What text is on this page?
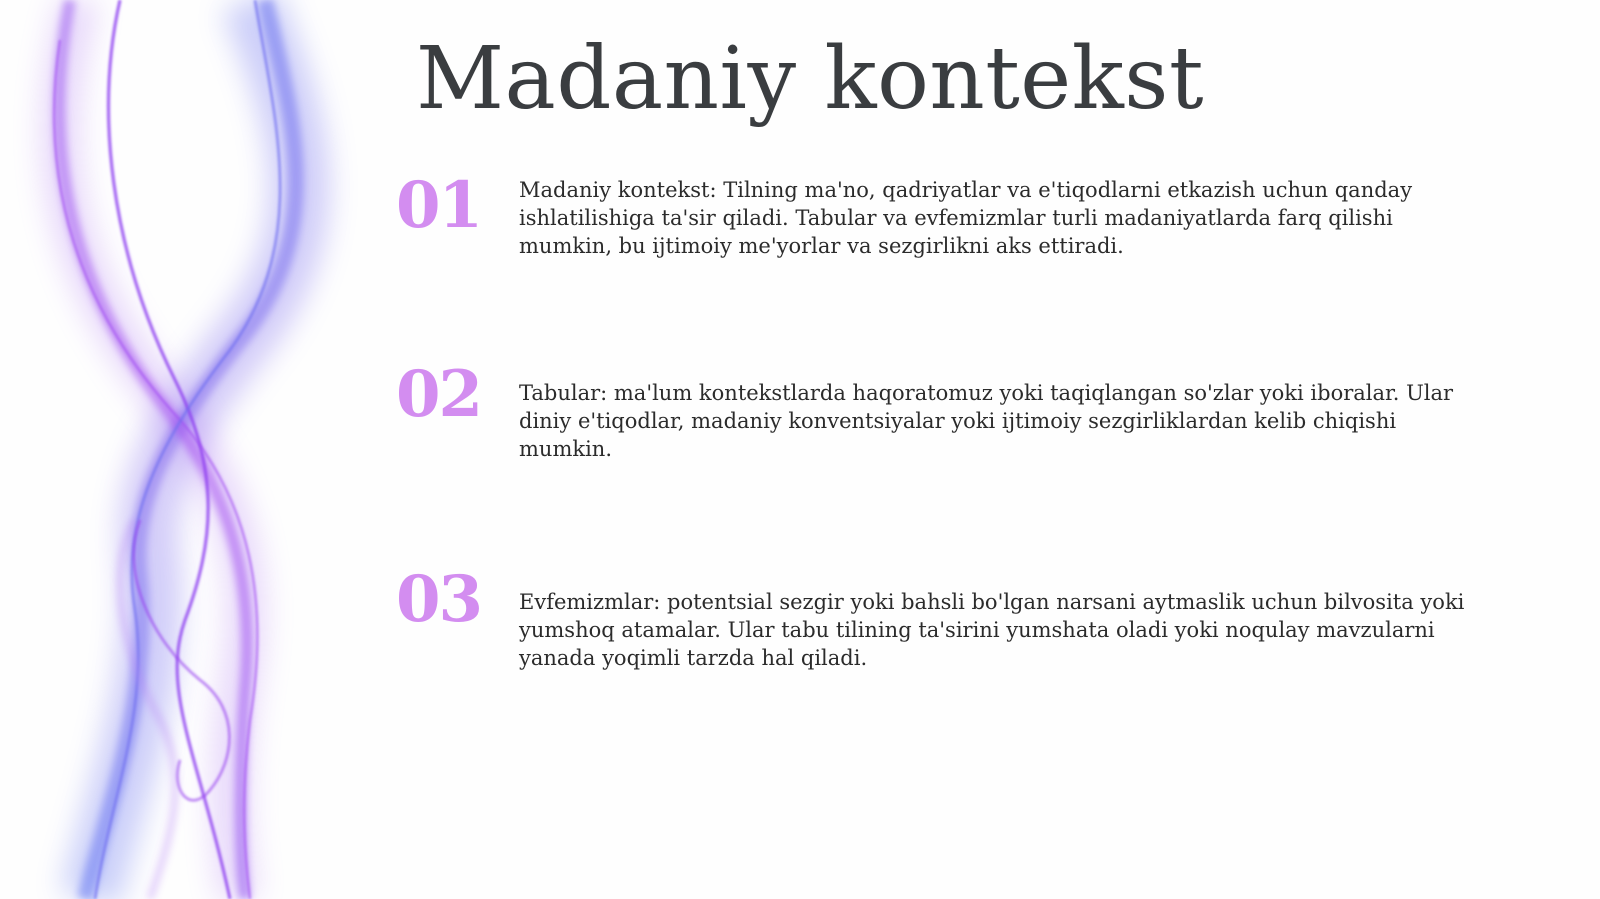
Madaniy kontekst
01 Madaniy kontekst: Tilning ma'no, qadriyatlar va e'tiqodlarni etkazish uchun qanday ishlatilishiga ta'sir qiladi. Tabular va evfemizmlar turli madaniyatlarda farq qilishi mumkin, bu ijtimoiy me'yorlar va sezgirlikni aks ettiradi.

02 Tabular: ma'lum kontekstlarda haqoratomuz yoki taqiqlangan so'zlar yoki iboralar. Ular diniy e'tiqodlar, madaniy konventsiyalar yoki ijtimoiy sezgirliklardan kelib chiqishi mumkin.

03 Evfemizmlar: potentsial sezgir yoki bahsli bo'lgan narsani aytmaslik uchun bilvosita yoki yumshoq atamalar. Ular tabu tilining ta'sirini yumshata oladi yoki noqulay mavzularni yanada yoqimli tarzda hal qiladi.
